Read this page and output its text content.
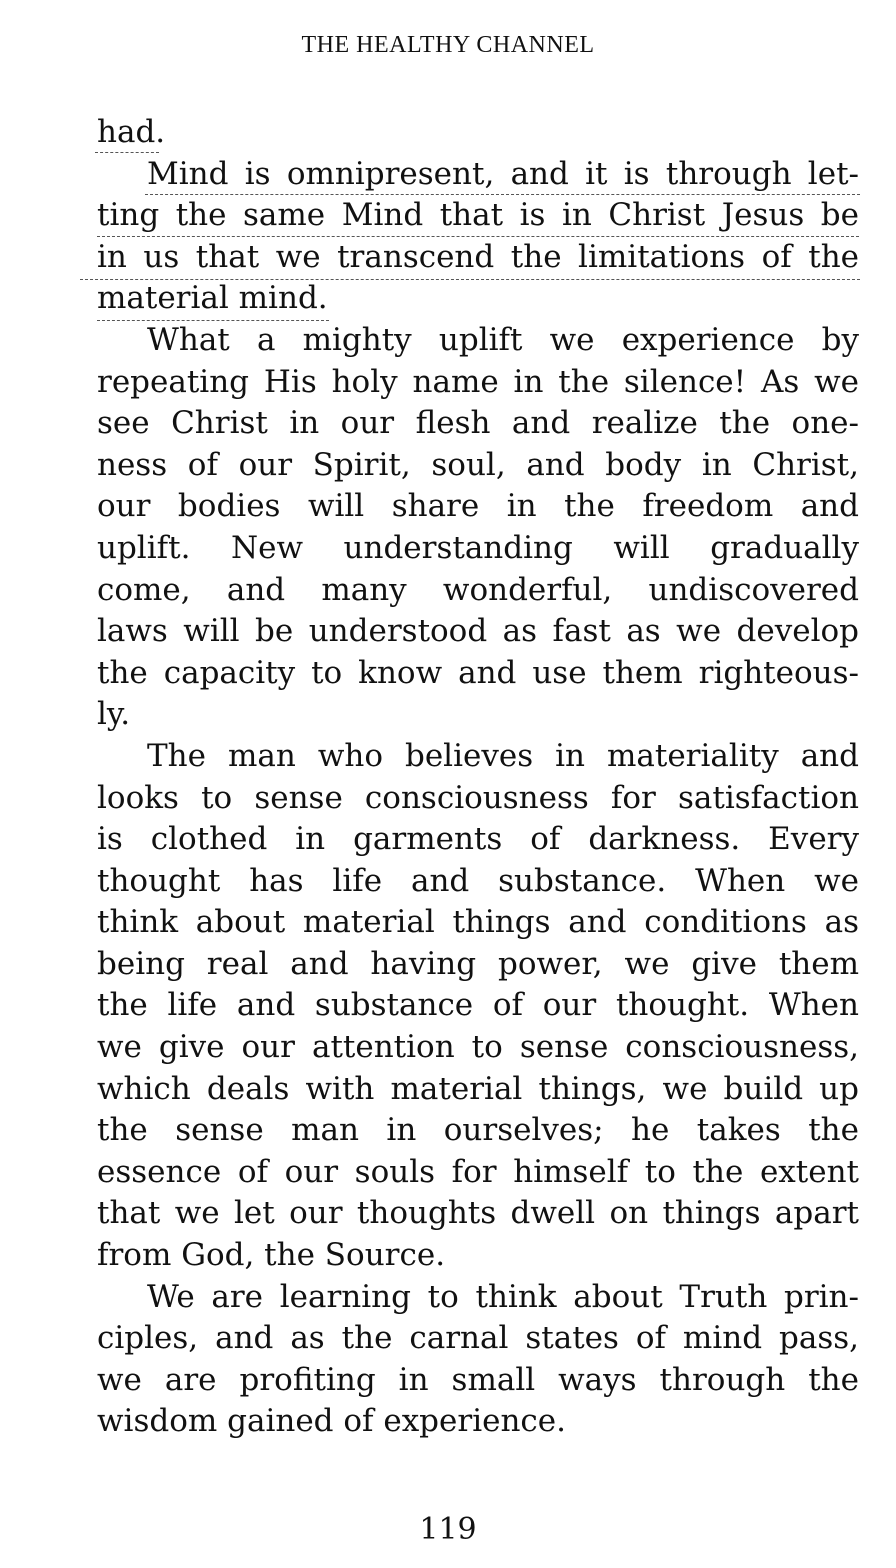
THE HEALTHY CHANNEL
had.
Mind is omnipresent, and it is through let-
ting the same Mind that is in Christ Jesus be
in us that we transcend the limitations of the
material mind.
What a mighty uplift we experience by
repeating His holy name in the silence! As we
see Christ in our flesh and realize the one-
ness of our Spirit, soul, and body in Christ,
our bodies will share in the freedom and
uplift. New understanding will gradually
come, and many wonderful, undiscovered
laws will be understood as fast as we develop
the capacity to know and use them righteous-
ly.
The man who believes in materiality and
looks to sense consciousness for satisfaction
is clothed in garments of darkness. Every
thought has life and substance. When we
think about material things and conditions as
being real and having power, we give them
the life and substance of our thought. When
we give our attention to sense consciousness,
which deals with material things, we build up
the sense man in ourselves; he takes the
essence of our souls for himself to the extent
that we let our thoughts dwell on things apart
from God, the Source.
We are learning to think about Truth prin-
ciples, and as the carnal states of mind pass,
we are profiting in small ways through the
wisdom gained of experience.
119
